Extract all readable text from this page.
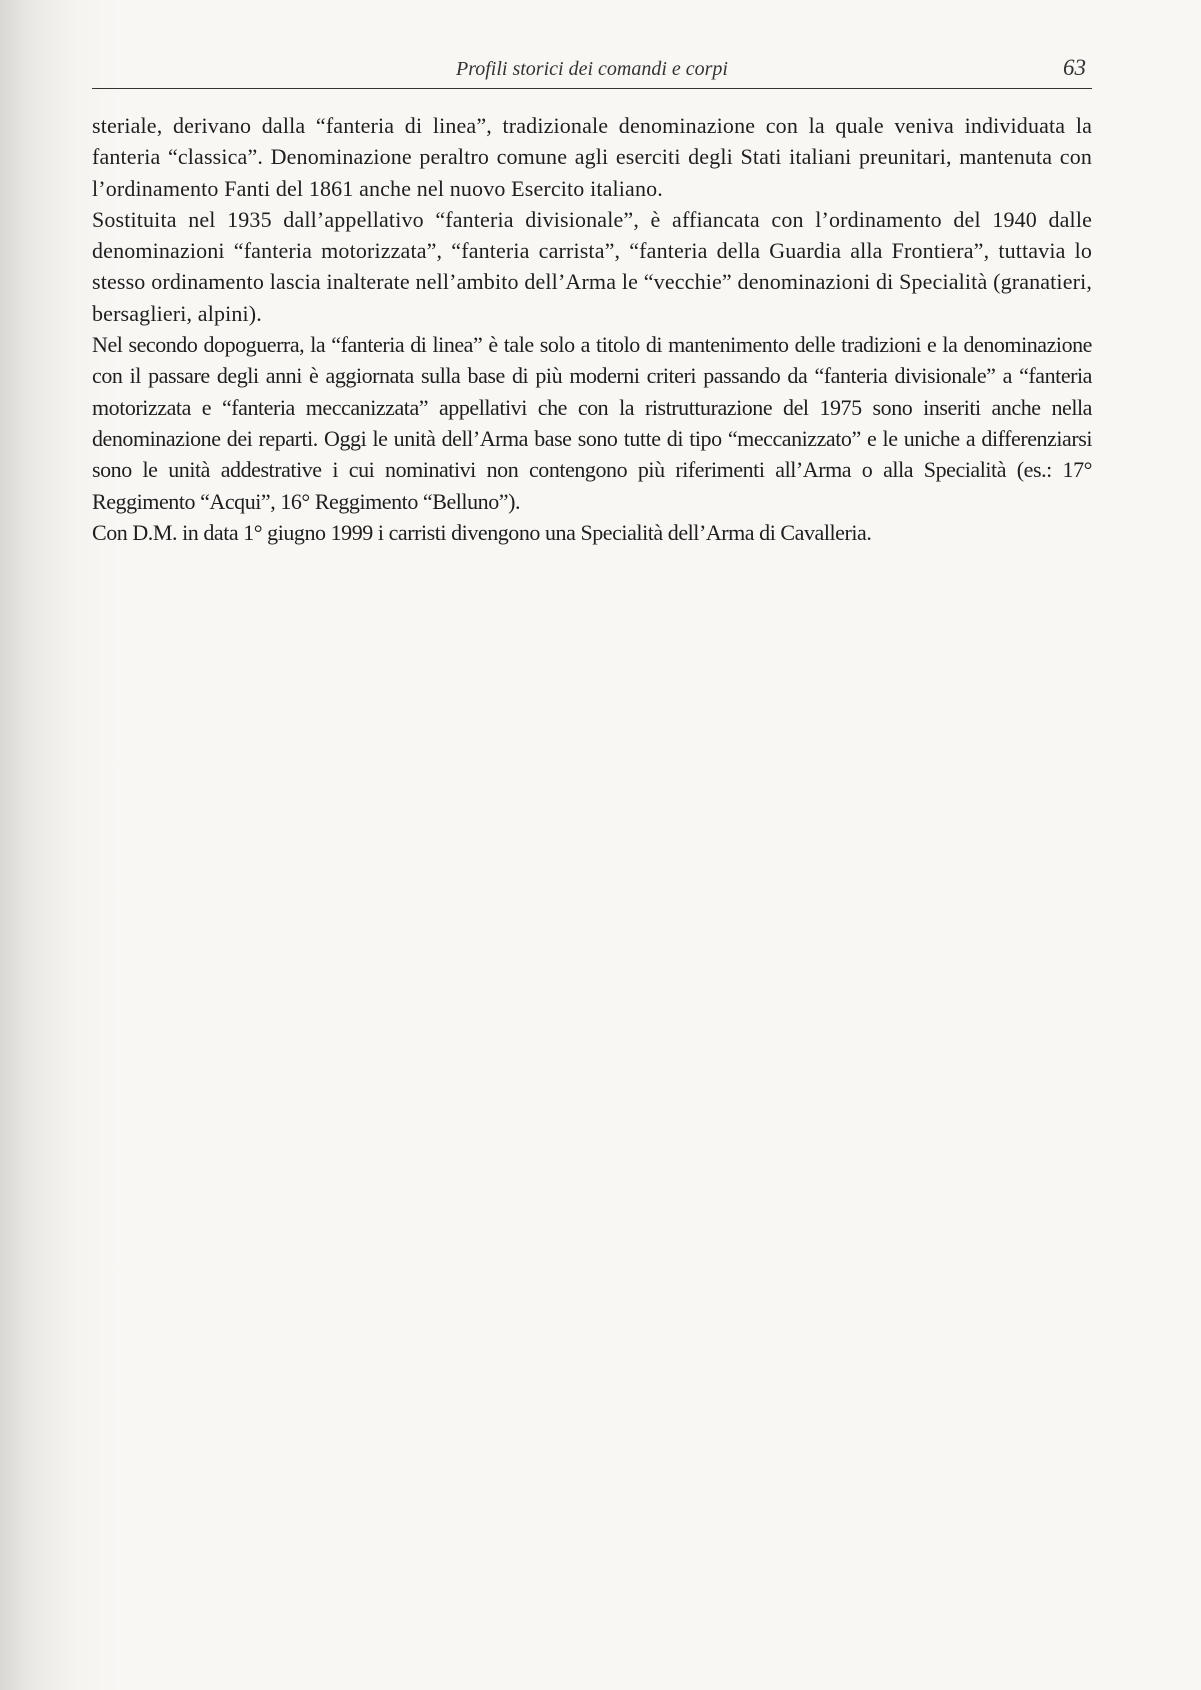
Profili storici dei comandi e corpi	63

steriale, derivano dalla “fanteria di linea”, tradizionale denominazione con la quale veniva individuata la fanteria “classica”. Denominazione peraltro comune agli eserciti degli Stati italiani preunitari, mantenuta con l’ordinamento Fanti del 1861 anche nel nuovo Esercito italiano.

Sostituita nel 1935 dall’appellativo “fanteria divisionale”, è affiancata con l’ordinamento del 1940 dalle denominazioni “fanteria motorizzata”, “fanteria carrista”, “fanteria della Guardia alla Frontiera”, tuttavia lo stesso ordinamento lascia inalterate nell’ambito dell’Arma le “vecchie” denominazioni di Specialità (granatieri, bersaglieri, alpini).

Nel secondo dopoguerra, la “fanteria di linea” è tale solo a titolo di mantenimento delle tradizioni e la denominazione con il passare degli anni è aggiornata sulla base di più moderni criteri passando da “fanteria divisionale” a “fanteria motorizzata e “fanteria meccanizzata” appellativi che con la ristrutturazione del 1975 sono inseriti anche nella denominazione dei reparti. Oggi le unità dell’Arma base sono tutte di tipo “meccanizzato” e le uniche a differenziarsi sono le unità addestrative i cui nominativi non contengono più riferimenti all’Arma o alla Specialità (es.: 17° Reggimento “Acqui”, 16° Reggimento “Belluno”).

Con D.M. in data 1° giugno 1999 i carristi divengono una Specialità dell’Arma di Cavalleria.
